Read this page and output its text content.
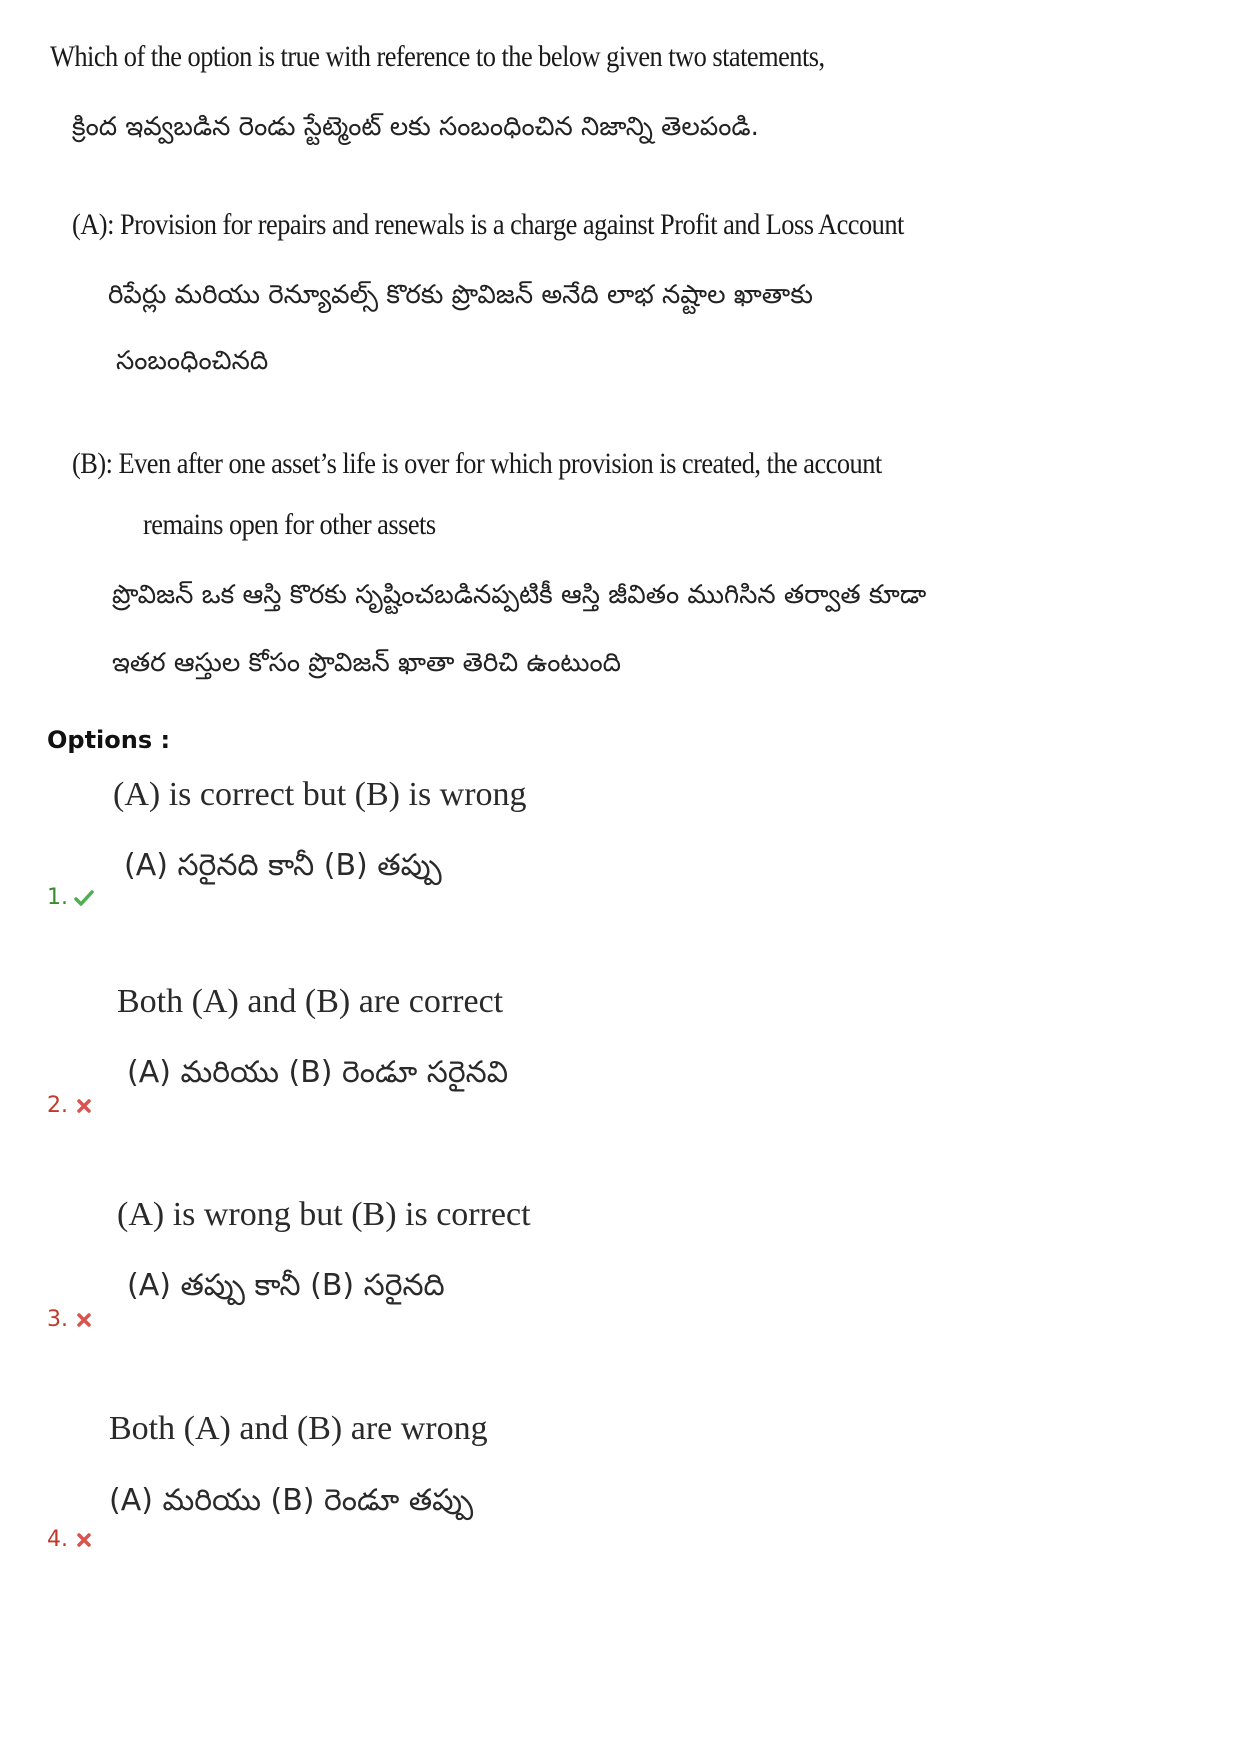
Which of the option is true with reference to the below given two statements,
క్రింద ఇవ్వబడిన రెండు స్టేట్మెంట్ లకు సంబంధించిన నిజాన్ని తెలపండి.
(A): Provision for repairs and renewals is a charge against Profit and Loss Account
రిపేర్లు మరియు రెన్యూవల్స్ కొరకు ప్రొవిజన్ అనేది లాభ నష్టాల ఖాతాకు
సంబంధించినది
(B): Even after one asset’s life is over for which provision is created, the account
remains open for other assets
ప్రొవిజన్ ఒక ఆస్తి కొరకు సృష్టించబడినప్పటికీ ఆస్తి జీవితం ముగిసిన తర్వాత కూడా
ఇతర ఆస్తుల కోసం ప్రొవిజన్ ఖాతా తెరిచి ఉంటుంది
Options :
(A) is correct but (B) is wrong
(A) సరైనది కానీ (B) తప్పు
1.
Both (A) and (B) are correct
(A) మరియు (B) రెండూ సరైనవి
2.
(A) is wrong but (B) is correct
(A) తప్పు కానీ (B) సరైనది
3.
Both (A) and (B) are wrong
(A) మరియు (B) రెండూ తప్పు
4.
